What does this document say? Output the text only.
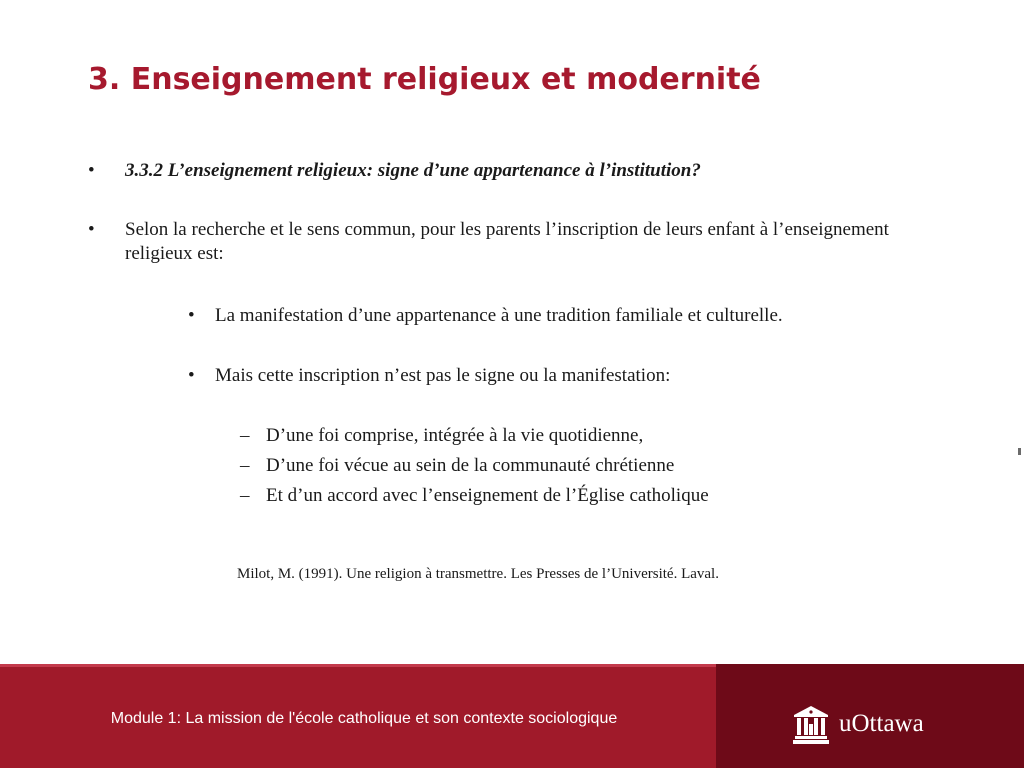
3. Enseignement religieux et modernité
•	3.3.2 L’enseignement religieux: signe d’une appartenance à l’institution?
•	Selon la recherche et le sens commun, pour les parents l’inscription de leurs enfant à l’enseignement religieux est:
•	La manifestation d’une appartenance à une tradition familiale et culturelle.
•	Mais cette inscription n’est pas le signe ou la manifestation:
– D’une foi comprise, intégrée à la vie quotidienne,
– D’une foi vécue au sein de la communauté chrétienne
– Et d’un accord avec l’enseignement de l’Église catholique
Milot, M. (1991). Une religion à transmettre. Les Presses de l’Université. Laval.
Module 1: La mission de l'école catholique et son contexte sociologique	uOttawa
